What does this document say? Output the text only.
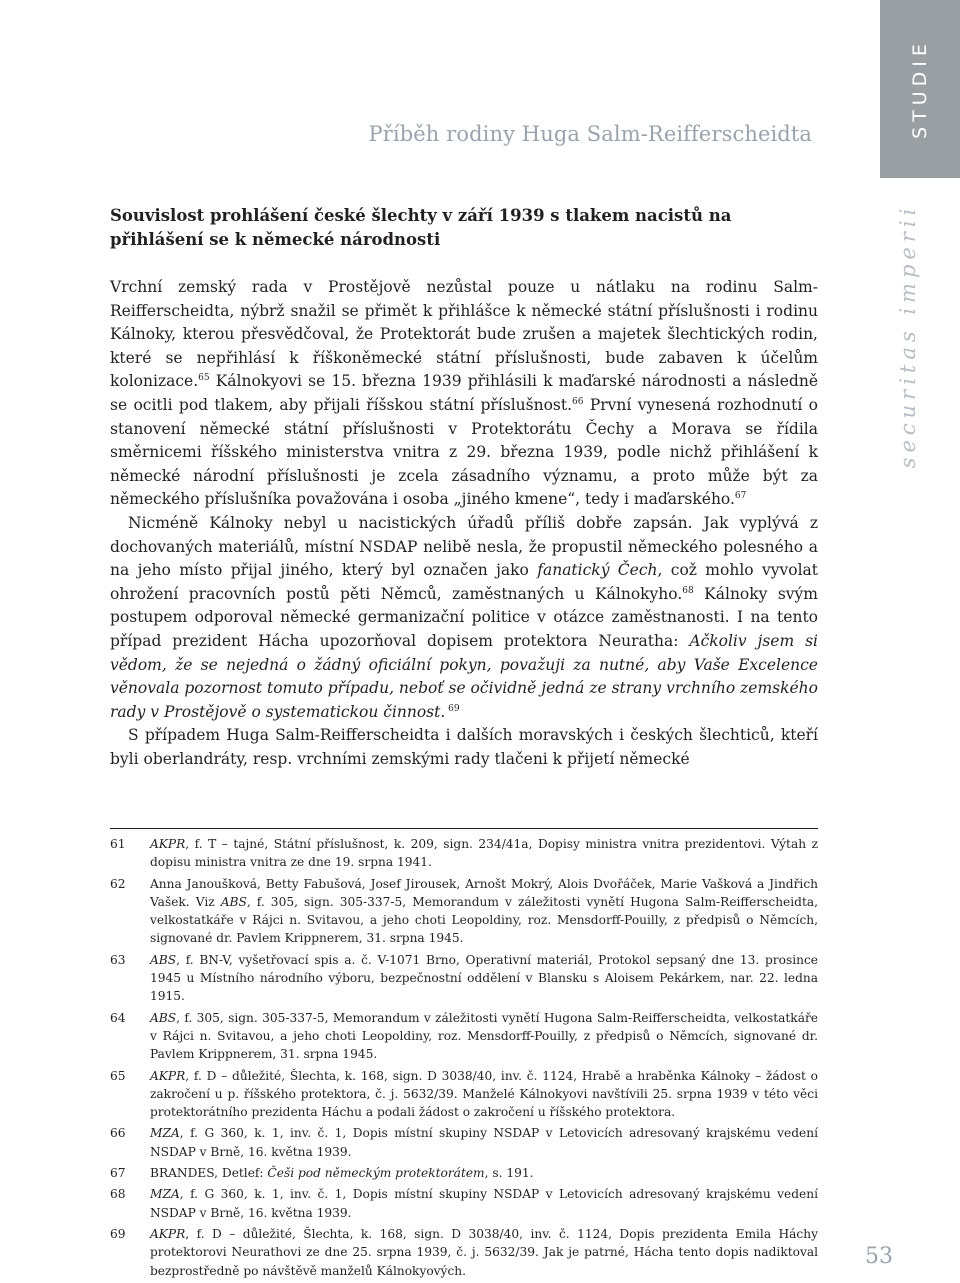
Příběh rodiny Huga Salm-Reifferscheidta	STUDIE
securitas imperii
Souvislost prohlášení české šlechty v září 1939 s tlakem nacistů na přihlášení se k německé národnosti

Vrchní zemský rada v Prostějově nezůstal pouze u nátlaku na rodinu Salm-Reifferscheidta, nýbrž snažil se přimět k přihlášce k německé státní příslušnosti i rodinu Kálnoky, kterou přesvědčoval, že Protektorát bude zrušen a majetek šlechtických rodin, které se nepřihlásí k říškoněmecké státní příslušnosti, bude zabaven k účelům kolonizace.$^{65}$ Kálnokyovi se 15. března 1939 přihlásili k maďarské národnosti a následně se ocitli pod tlakem, aby přijali říšskou státní příslušnost.$^{66}$ První vynesená rozhodnutí o stanovení německé státní příslušnosti v Protektorátu Čechy a Morava se řídila směrnicemi říšského ministerstva vnitra z 29. března 1939, podle nichž přihlášení k německé národní příslušnosti je zcela zásadního významu, a proto může být za německého příslušníka považována i osoba „jiného kmene“, tedy i maďarského.$^{67}$

Nicméně Kálnoky nebyl u nacistických úřadů příliš dobře zapsán. Jak vyplývá z dochovaných materiálů, místní NSDAP nelibě nesla, že propustil německého polesného a na jeho místo přijal jiného, který byl označen jako fanatický Čech, což mohlo vyvolat ohrožení pracovních postů pěti Němců, zaměstnaných u Kálnokyho.$^{68}$ Kálnoky svým postupem odporoval německé germanizační politice v otázce zaměstnanosti. I na tento případ prezident Hácha upozorňoval dopisem protektora Neuratha: Ačkoliv jsem si vědom, že se nejedná o žádný oficiální pokyn, považuji za nutné, aby Vaše Excelence věnovala pozornost tomuto případu, neboť se očividně jedná ze strany vrchního zemského rady v Prostějově o systematickou činnost. $^{69}$

S případem Huga Salm-Reifferscheidta i dalších moravských i českých šlechticů, kteří byli oberlandráty, resp. vrchními zemskými rady tlačeni k přijetí německé

61	AKPR, f. T – tajné, Státní příslušnost, k. 209, sign. 234/41a, Dopisy ministra vnitra prezidentovi. Výtah z dopisu ministra vnitra ze dne 19. srpna 1941.
62	Anna Janoušková, Betty Fabušová, Josef Jirousek, Arnošt Mokrý, Alois Dvořáček, Marie Vašková a Jindřich Vašek. Viz ABS, f. 305, sign. 305-337-5, Memorandum v záležitosti vynětí Hugona Salm-Reifferscheidta, velkostatkáře v Rájci n. Svitavou, a jeho choti Leopoldiny, roz. Mensdorff-Pouilly, z předpisů o Němcích, signované dr. Pavlem Krippnerem, 31. srpna 1945.
63	ABS, f. BN-V, vyšetřovací spis a. č. V-1071 Brno, Operativní materiál, Protokol sepsaný dne 13. prosince 1945 u Místního národního výboru, bezpečnostní oddělení v Blansku s Aloisem Pekárkem, nar. 22. ledna 1915.
64	ABS, f. 305, sign. 305-337-5, Memorandum v záležitosti vynětí Hugona Salm-Reifferscheidta, velkostatkáře v Rájci n. Svitavou, a jeho choti Leopoldiny, roz. Mensdorff-Pouilly, z předpisů o Němcích, signované dr. Pavlem Krippnerem, 31. srpna 1945.
65	AKPR, f. D – důležité, Šlechta, k. 168, sign. D 3038/40, inv. č. 1124, Hrabě a hraběnka Kálnoky – žádost o zakročení u p. říšského protektora, č. j. 5632/39. Manželé Kálnokyovi navštívili 25. srpna 1939 v této věci protektorátního prezidenta Háchu a podali žádost o zakročení u říšského protektora.
66	MZA, f. G 360, k. 1, inv. č. 1, Dopis místní skupiny NSDAP v Letovicích adresovaný krajskému vedení NSDAP v Brně, 16. května 1939.
67	BRANDES, Detlef: Češi pod německým protektorátem, s. 191.
68	MZA, f. G 360, k. 1, inv. č. 1, Dopis místní skupiny NSDAP v Letovicích adresovaný krajskému vedení NSDAP v Brně, 16. května 1939.
69	AKPR, f. D – důležité, Šlechta, k. 168, sign. D 3038/40, inv. č. 1124, Dopis prezidenta Emila Háchy protektorovi Neurathovi ze dne 25. srpna 1939, č. j. 5632/39. Jak je patrné, Hácha tento dopis nadiktoval bezprostředně po návštěvě manželů Kálnokyových.
53
